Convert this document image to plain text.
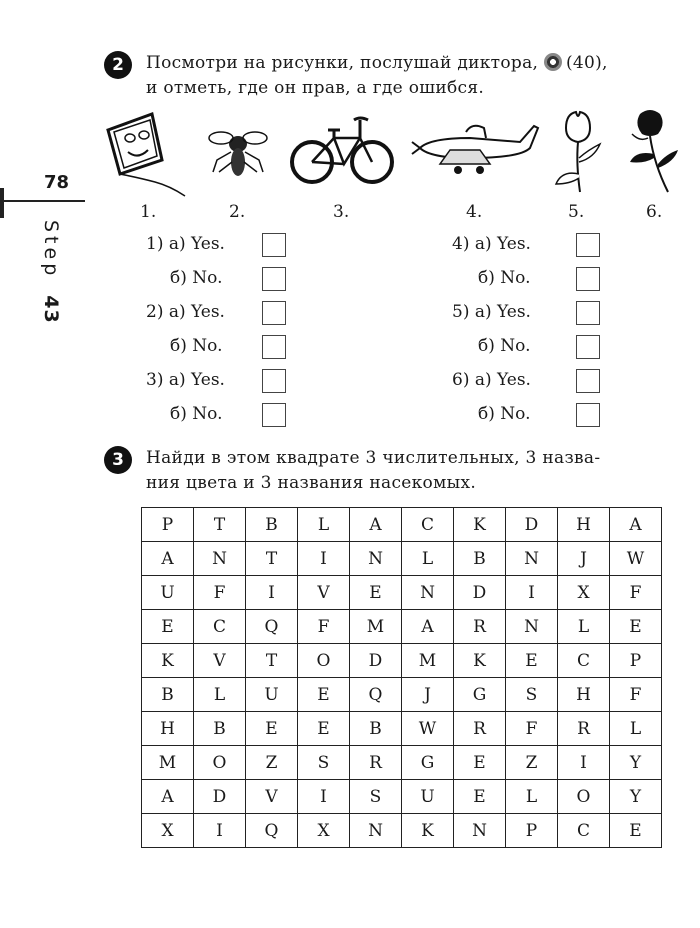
78
Step43
2	Посмотри на рисунки, послушай диктора, (40),
и отметь, где он прав, а где ошибся.
1.	2.	3.	4.	5.	6.
1) а) Yes.
б) No.
2) а) Yes.
б) No.
3) а) Yes.
б) No.
4) а) Yes.
б) No.
5) а) Yes.
б) No.
6) а) Yes.
б) No.
3	Найди в этом квадрате 3 числительных, 3 назва-
ния цвета и 3 названия насекомых.
P	T	B	L	A	C	K	D	H	A
A	N	T	I	N	L	B	N	J	W
U	F	I	V	E	N	D	I	X	F
E	C	Q	F	M	A	R	N	L	E
K	V	T	O	D	M	K	E	C	P
B	L	U	E	Q	J	G	S	H	F
H	B	E	E	B	W	R	F	R	L
M	O	Z	S	R	G	E	Z	I	Y
A	D	V	I	S	U	E	L	O	Y
X	I	Q	X	N	K	N	P	C	E
